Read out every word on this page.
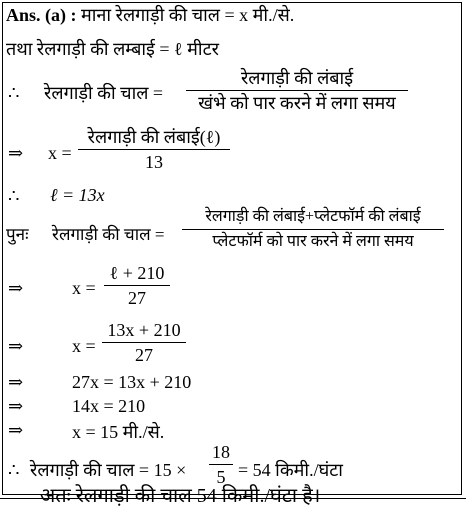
अतः रेलगाड़ी की चाल 54 किमी./घंटा है।
Ans. (a) : माना रेलगाड़ी की चाल = x मी./से.
तथा रेलगाड़ी की लम्बाई = ℓ मीटर
∴ रेलगाड़ी की चाल =
रेलगाड़ी की लंबाई
खंभे को पार करने में लगा समय
⇒ x =
रेलगाड़ी की लंबाई(ℓ)
13
∴ ℓ = 13x
पुनः रेलगाड़ी की चाल =
रेलगाड़ी की लंबाई+प्लेटफॉर्म की लंबाई
प्लेटफॉर्म को पार करने में लगा समय
⇒	x =
ℓ + 210
27
⇒	x =
13x + 210
27
⇒	27x = 13x + 210
⇒	14x = 210
⇒	x = 15 मी./से.
∴ रेलगाड़ी की चाल = 15 ×
18
5 = 54 किमी./घंटा
